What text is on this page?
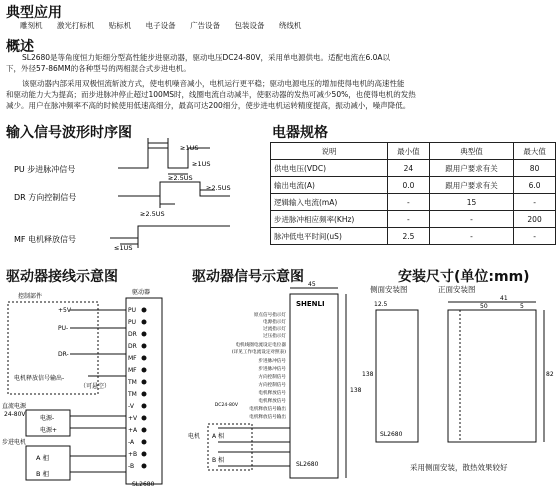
典型应用
雕刻机 激光打标机 贴标机 电子设备 广告设备 包装设备 绕线机
概述
SL2680是等角度恒力矩细分型高性能步进驱动器，驱动电压DC24-80V，采用单电源供电。适配电流在6.0A以
下，外径57-86MM的各种型号的两相混合式步进电机。
该驱动器内部采用双极恒流斩波方式，使电机噪音减小，电机运行更平稳；驱动电源电压的增加使得电机的高速性能
和驱动能力大为提高；而步进脉冲停止超过100MS时，线圈电流自动减半，使驱动器的发热可减少50%，也使得电机的发热
减少。用户在脉冲频率不高的时候使用低速高细分，最高可达200细分，使步进电机运转精度提高，振动减小，噪声降低。
输入信号波形时序图
PU 步进脉冲信号
DR 方向控制信号
MF 电机释放信号
≥1US
≥1US
≥2.5US
≥2.5US
≥2.5US
≤1US
电器规格
说明	最小值	典型值	最大值
供电电压(VDC)	24	跟用户要求有关	80
输出电流(A)	0.0	跟用户要求有关	6.0
逻辑输入电流(mA)	-	15	-
步进脉冲相应频率(KHz)	-	-	200
脉冲低电平时间(uS)	2.5	-	-
驱动器接线示意图
控制部件
驱动器
+5V
PU-
DR-
电机释放信号输出-
（可悬空）
直流电源
24-80V
电源-
电源+
步进电机
A 相
B 相
PU
PU
DR
DR
MF
MF
TM
TM
-V
+V
+A
-A
+B
-B
SL2680
驱动器信号示意图 45
138
SHENLI
原点信号指示灯
电源指示灯
过流指示灯
过压指示灯
电机线圈电流设定电位器
(详见工作电流设定对照表)
步进脉冲信号
步进脉冲信号
方向控制信号
方向控制信号
电机释放信号
电机释放信号
电机释放信号输出
电机释放信号输出
DC24-80V
电机 A 相
B 相
SL2680
安装尺寸(单位:mm)
侧面安装图	正面安装图
12.5
41
50	5
138	82
SL2680
采用侧面安装，散热效果较好
